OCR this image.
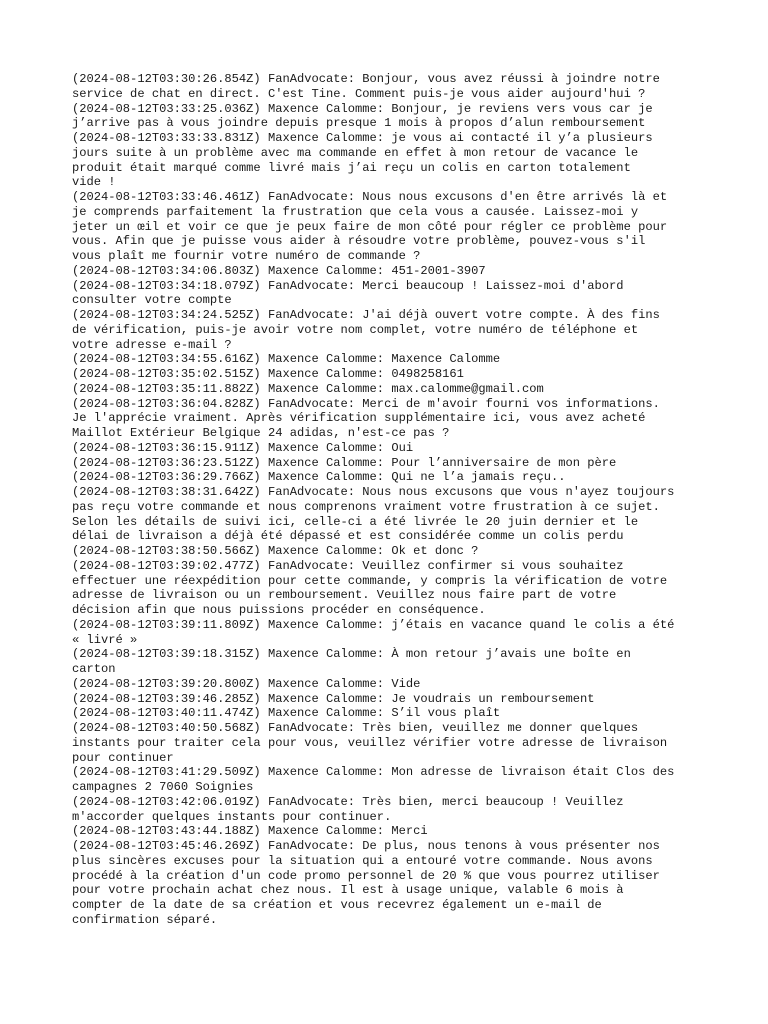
(2024-08-12T03:30:26.854Z) FanAdvocate: Bonjour, vous avez réussi à joindre notre
service de chat en direct. C'est Tine. Comment puis-je vous aider aujourd'hui ?
(2024-08-12T03:33:25.036Z) Maxence Calomme: Bonjour, je reviens vers vous car je
j’arrive pas à vous joindre depuis presque 1 mois à propos d’alun remboursement
(2024-08-12T03:33:33.831Z) Maxence Calomme: je vous ai contacté il y’a plusieurs
jours suite à un problème avec ma commande en effet à mon retour de vacance le
produit était marqué comme livré mais j’ai reçu un colis en carton totalement
vide !
(2024-08-12T03:33:46.461Z) FanAdvocate: Nous nous excusons d'en être arrivés là et
je comprends parfaitement la frustration que cela vous a causée. Laissez-moi y
jeter un œil et voir ce que je peux faire de mon côté pour régler ce problème pour
vous. Afin que je puisse vous aider à résoudre votre problème, pouvez-vous s'il
vous plaît me fournir votre numéro de commande ?
(2024-08-12T03:34:06.803Z) Maxence Calomme: 451-2001-3907
(2024-08-12T03:34:18.079Z) FanAdvocate: Merci beaucoup ! Laissez-moi d'abord
consulter votre compte
(2024-08-12T03:34:24.525Z) FanAdvocate: J'ai déjà ouvert votre compte. À des fins
de vérification, puis-je avoir votre nom complet, votre numéro de téléphone et
votre adresse e-mail ?
(2024-08-12T03:34:55.616Z) Maxence Calomme: Maxence Calomme
(2024-08-12T03:35:02.515Z) Maxence Calomme: 0498258161
(2024-08-12T03:35:11.882Z) Maxence Calomme: max.calomme@gmail.com
(2024-08-12T03:36:04.828Z) FanAdvocate: Merci de m'avoir fourni vos informations.
Je l'apprécie vraiment. Après vérification supplémentaire ici, vous avez acheté
Maillot Extérieur Belgique 24 adidas, n'est-ce pas ?
(2024-08-12T03:36:15.911Z) Maxence Calomme: Oui
(2024-08-12T03:36:23.512Z) Maxence Calomme: Pour l’anniversaire de mon père
(2024-08-12T03:36:29.766Z) Maxence Calomme: Qui ne l’a jamais reçu..
(2024-08-12T03:38:31.642Z) FanAdvocate: Nous nous excusons que vous n'ayez toujours
pas reçu votre commande et nous comprenons vraiment votre frustration à ce sujet.
Selon les détails de suivi ici, celle-ci a été livrée le 20 juin dernier et le
délai de livraison a déjà été dépassé et est considérée comme un colis perdu
(2024-08-12T03:38:50.566Z) Maxence Calomme: Ok et donc ?
(2024-08-12T03:39:02.477Z) FanAdvocate: Veuillez confirmer si vous souhaitez
effectuer une réexpédition pour cette commande, y compris la vérification de votre
adresse de livraison ou un remboursement. Veuillez nous faire part de votre
décision afin que nous puissions procéder en conséquence.
(2024-08-12T03:39:11.809Z) Maxence Calomme: j’étais en vacance quand le colis a été
« livré »
(2024-08-12T03:39:18.315Z) Maxence Calomme: À mon retour j’avais une boîte en
carton
(2024-08-12T03:39:20.800Z) Maxence Calomme: Vide
(2024-08-12T03:39:46.285Z) Maxence Calomme: Je voudrais un remboursement
(2024-08-12T03:40:11.474Z) Maxence Calomme: S’il vous plaît
(2024-08-12T03:40:50.568Z) FanAdvocate: Très bien, veuillez me donner quelques
instants pour traiter cela pour vous, veuillez vérifier votre adresse de livraison
pour continuer
(2024-08-12T03:41:29.509Z) Maxence Calomme: Mon adresse de livraison était Clos des
campagnes 2 7060 Soignies
(2024-08-12T03:42:06.019Z) FanAdvocate: Très bien, merci beaucoup ! Veuillez
m'accorder quelques instants pour continuer.
(2024-08-12T03:43:44.188Z) Maxence Calomme: Merci
(2024-08-12T03:45:46.269Z) FanAdvocate: De plus, nous tenons à vous présenter nos
plus sincères excuses pour la situation qui a entouré votre commande. Nous avons
procédé à la création d'un code promo personnel de 20 % que vous pourrez utiliser
pour votre prochain achat chez nous. Il est à usage unique, valable 6 mois à
compter de la date de sa création et vous recevrez également un e-mail de
confirmation séparé.
